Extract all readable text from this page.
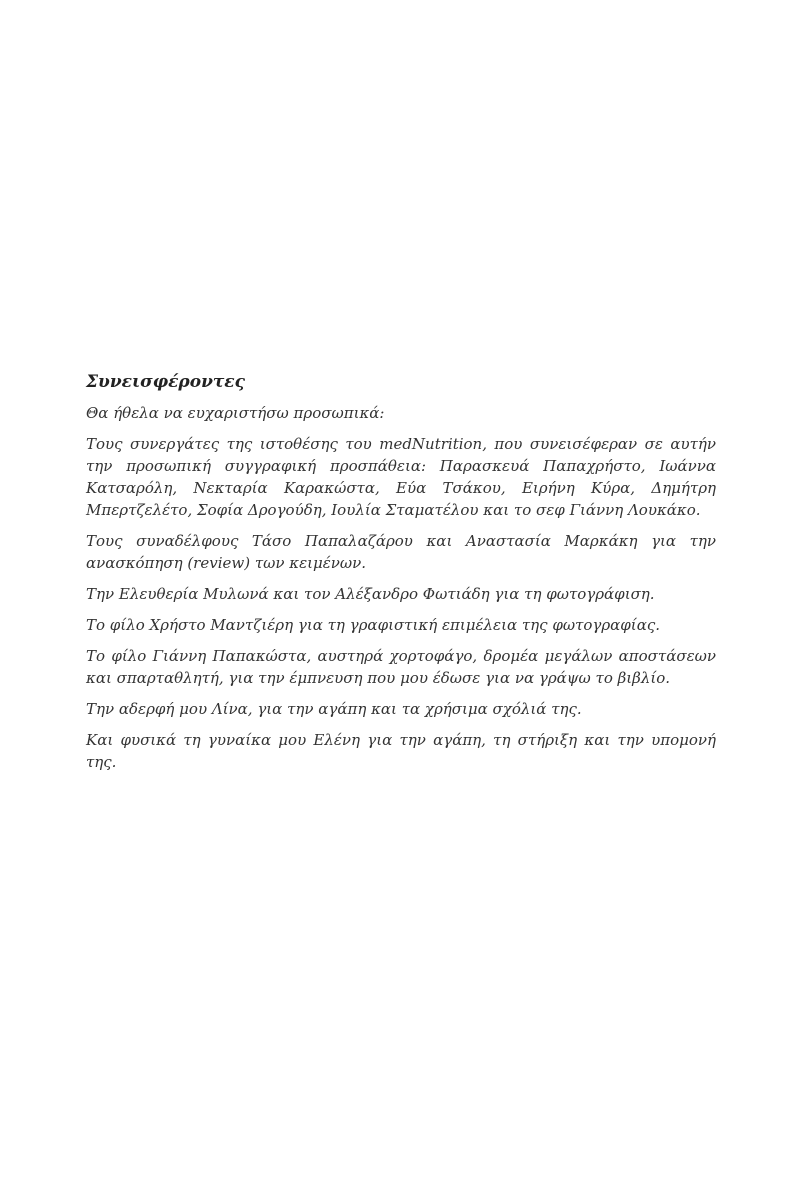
Συνεισφέροντες

Θα ήθελα να ευχαριστήσω προσωπικά:

Τους συνεργάτες της ιστοθέσης του medNutrition, που συνεισέφεραν σε αυτήν την προσωπική συγγραφική προσπάθεια: Παρασκευά Παπαχρήστο, Ιωάννα Κατσαρόλη, Νεκταρία Καρακώστα, Εύα Τσάκου, Ειρήνη Κύρα, Δημήτρη Μπερτζελέτο, Σοφία Δρογούδη, Ιουλία Σταματέλου και το σεφ Γιάννη Λουκάκο.

Τους συναδέλφους Τάσο Παπαλαζάρου και Αναστασία Μαρκάκη για την ανασκόπηση (review) των κειμένων.

Την Ελευθερία Μυλωνά και τον Αλέξανδρο Φωτιάδη για τη φωτογράφιση.

Το φίλο Χρήστο Μαντζιέρη για τη γραφιστική επιμέλεια της φωτογραφίας.

Το φίλο Γιάννη Παπακώστα, αυστηρά χορτοφάγο, δρομέα μεγάλων αποστάσεων και σπαρταθλητή, για την έμπνευση που μου έδωσε για να γράψω το βιβλίο.

Την αδερφή μου Λίνα, για την αγάπη και τα χρήσιμα σχόλιά της.

Και φυσικά τη γυναίκα μου Ελένη για την αγάπη, τη στήριξη και την υπομονή της.
